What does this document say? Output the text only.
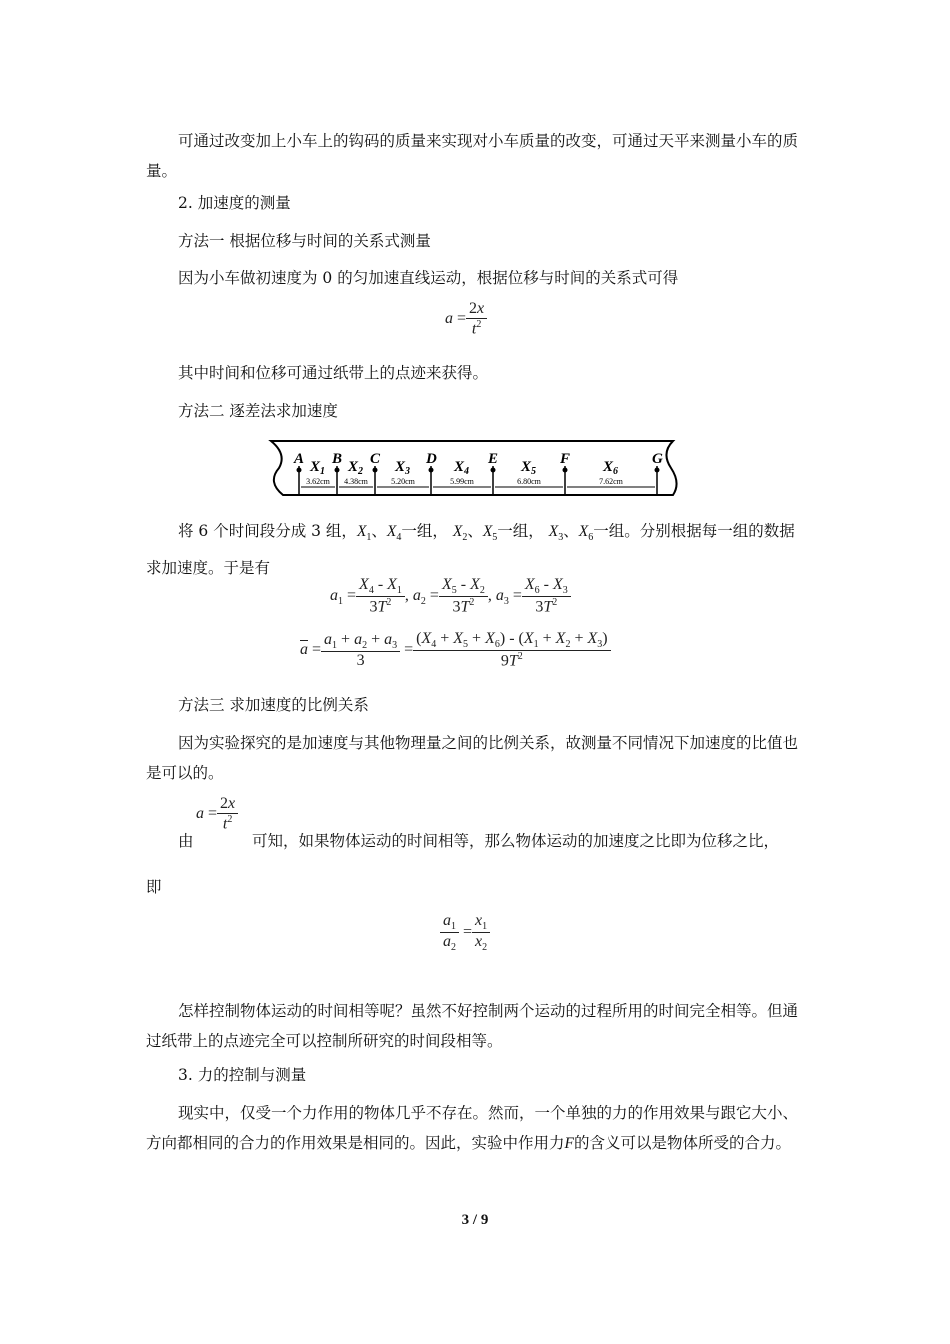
可通过改变加上小车上的钩码的质量来实现对小车质量的改变，可通过天平来测量小车的质量。

2. 加速度的测量

方法一 根据位移与时间的关系式测量

因为小车做初速度为 0 的匀加速直线运动，根据位移与时间的关系式可得

$a = \frac{2x}{t^2}$

其中时间和位移可通过纸带上的点迹来获得。

方法二 逐差法求加速度

A B C	D	E	F	G
$X_1$
3.62cm
$X_2$
4.38cm
$X_3$
5.20cm
$X_4$
5.99cm
$X_5$
6.80cm
$X_6$
7.62cm

将 6 个时间段分成 3 组，$X_1$、$X_4$一组， $X_2$、$X_5$一组， $X_3$、$X_6$一组。分别根据每一组的数据求加速度。于是有

$a_1 = \frac{X_4 - X_1}{3T^2}$ , $a_2 = \frac{X_5 - X_2}{3T^2}$ , $a_3 = \frac{X_6 - X_3}{3T^2}$
$\overline{a} = \frac{a_1 + a_2 + a_3}{3} = \frac{(X_4 + X_5 + X_6) - (X_1 + X_2 + X_3)}{9T^2}$

方法三 求加速度的比例关系

因为实验探究的是加速度与其他物理量之间的比例关系，故测量不同情况下加速度的比值也是可以的。

由
$a = \frac{2x}{t^2}$
可知，如果物体运动的时间相等，那么物体运动的加速度之比即为位移之比，
即
$\frac{a_1}{a_2} = \frac{x_1}{x_2}$

怎样控制物体运动的时间相等呢？虽然不好控制两个运动的过程所用的时间完全相等。但通过纸带上的点迹完全可以控制所研究的时间段相等。

3. 力的控制与测量

现实中，仅受一个力作用的物体几乎不存在。然而，一个单独的力的作用效果与跟它大小、方向都相同的合力的作用效果是相同的。因此，实验中作用力F的含义可以是物体所受的合力。

3 / 9
